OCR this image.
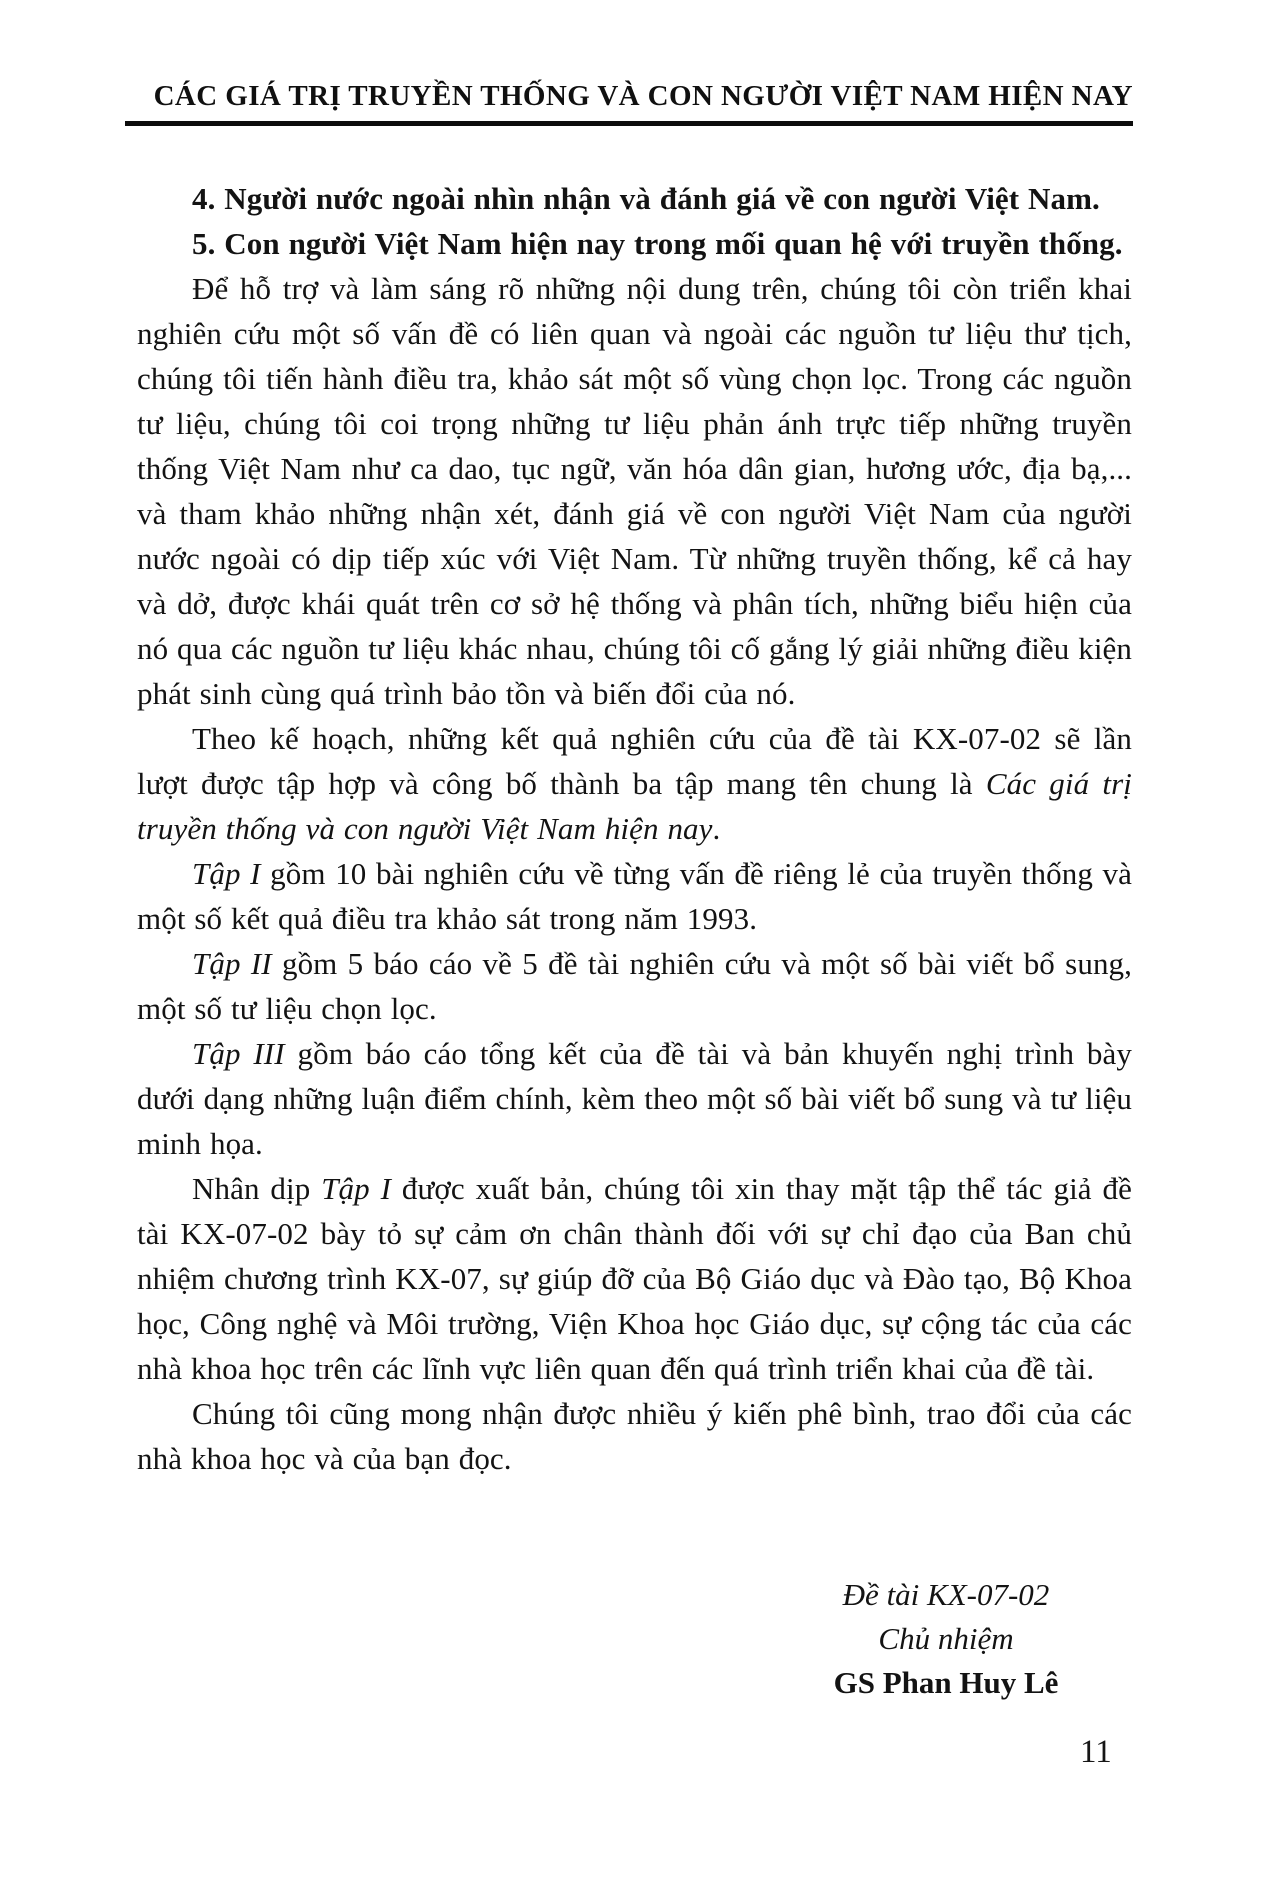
CÁC GIÁ TRỊ TRUYỀN THỐNG VÀ CON NGƯỜI VIỆT NAM HIỆN NAY

4. Người nước ngoài nhìn nhận và đánh giá về con người Việt Nam.

5. Con người Việt Nam hiện nay trong mối quan hệ với truyền thống.

Để hỗ trợ và làm sáng rõ những nội dung trên, chúng tôi còn triển khai nghiên cứu một số vấn đề có liên quan và ngoài các nguồn tư liệu thư tịch, chúng tôi tiến hành điều tra, khảo sát một số vùng chọn lọc. Trong các nguồn tư liệu, chúng tôi coi trọng những tư liệu phản ánh trực tiếp những truyền thống Việt Nam như ca dao, tục ngữ, văn hóa dân gian, hương ước, địa bạ,... và tham khảo những nhận xét, đánh giá về con người Việt Nam của người nước ngoài có dịp tiếp xúc với Việt Nam. Từ những truyền thống, kể cả hay và dở, được khái quát trên cơ sở hệ thống và phân tích, những biểu hiện của nó qua các nguồn tư liệu khác nhau, chúng tôi cố gắng lý giải những điều kiện phát sinh cùng quá trình bảo tồn và biến đổi của nó.

Theo kế hoạch, những kết quả nghiên cứu của đề tài KX-07-02 sẽ lần lượt được tập hợp và công bố thành ba tập mang tên chung là Các giá trị truyền thống và con người Việt Nam hiện nay.

Tập I gồm 10 bài nghiên cứu về từng vấn đề riêng lẻ của truyền thống và một số kết quả điều tra khảo sát trong năm 1993.

Tập II gồm 5 báo cáo về 5 đề tài nghiên cứu và một số bài viết bổ sung, một số tư liệu chọn lọc.

Tập III gồm báo cáo tổng kết của đề tài và bản khuyến nghị trình bày dưới dạng những luận điểm chính, kèm theo một số bài viết bổ sung và tư liệu minh họa.

Nhân dịp Tập I được xuất bản, chúng tôi xin thay mặt tập thể tác giả đề tài KX-07-02 bày tỏ sự cảm ơn chân thành đối với sự chỉ đạo của Ban chủ nhiệm chương trình KX-07, sự giúp đỡ của Bộ Giáo dục và Đào tạo, Bộ Khoa học, Công nghệ và Môi trường, Viện Khoa học Giáo dục, sự cộng tác của các nhà khoa học trên các lĩnh vực liên quan đến quá trình triển khai của đề tài.

Chúng tôi cũng mong nhận được nhiều ý kiến phê bình, trao đổi của các nhà khoa học và của bạn đọc.

Đề tài KX-07-02
Chủ nhiệm
GS Phan Huy Lê
11
